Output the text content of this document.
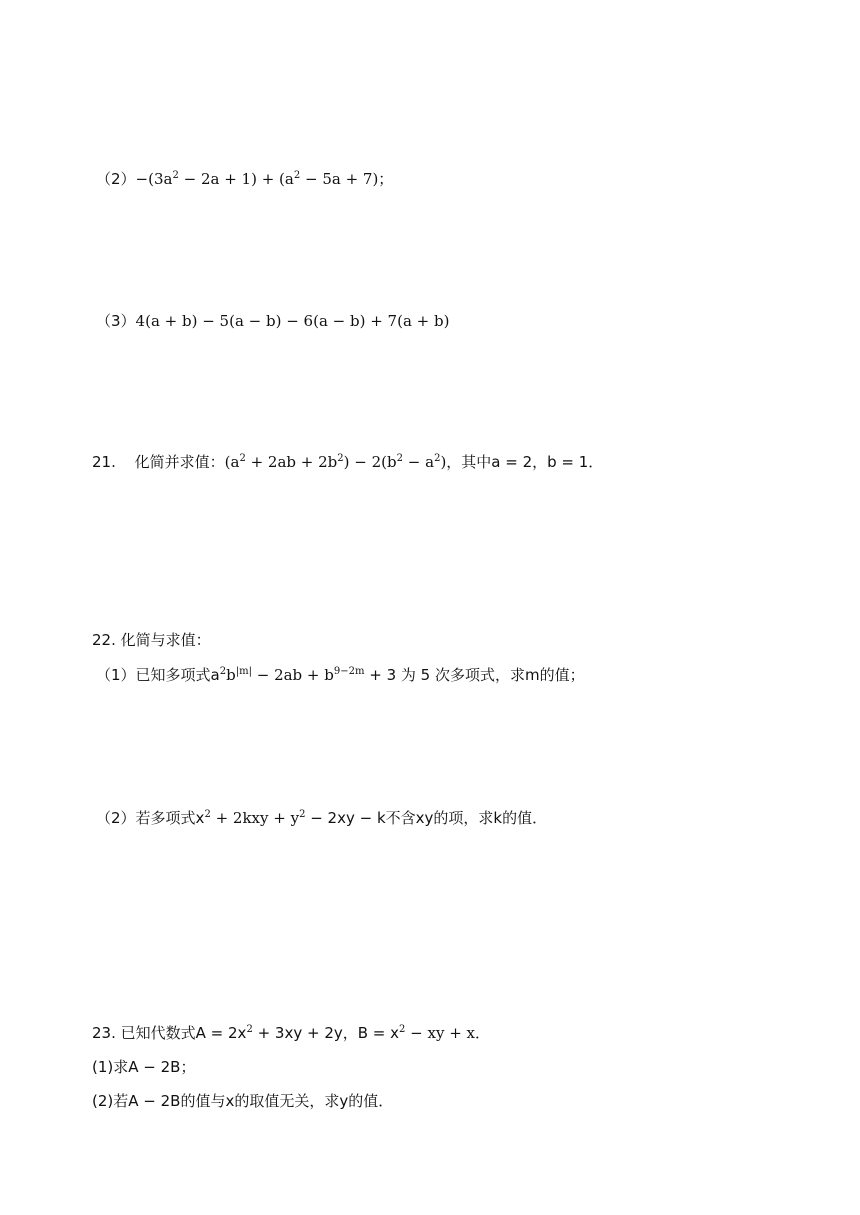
$(2)-(3a^2 - 2a + 1) + (a^2 - 5a + 7)$；
（3）4(a + b) − 5(a − b) − 6(a − b) + 7(a + b)
21. 化简并求值：$(a^2 + 2ab + 2b^2) - 2(b^2 - a^2)$，其中a = 2，b = 1．
22. 化简与求值：
（1）已知多项式$a^2b^{|m|} - 2ab + b^{9-2m} + 3$ 为 5 次多项式，求m的值；
（2）若多项式$x^2 + 2kxy + y^2 - 2xy - k$不含xy的项，求k的值．
23. 已知代数式$A = 2x^2 + 3xy + 2y$，$B = x^2$ − xy + x．
(1)求A − 2B；
(2)若A − 2B的值与x的取值无关，求y的值．
